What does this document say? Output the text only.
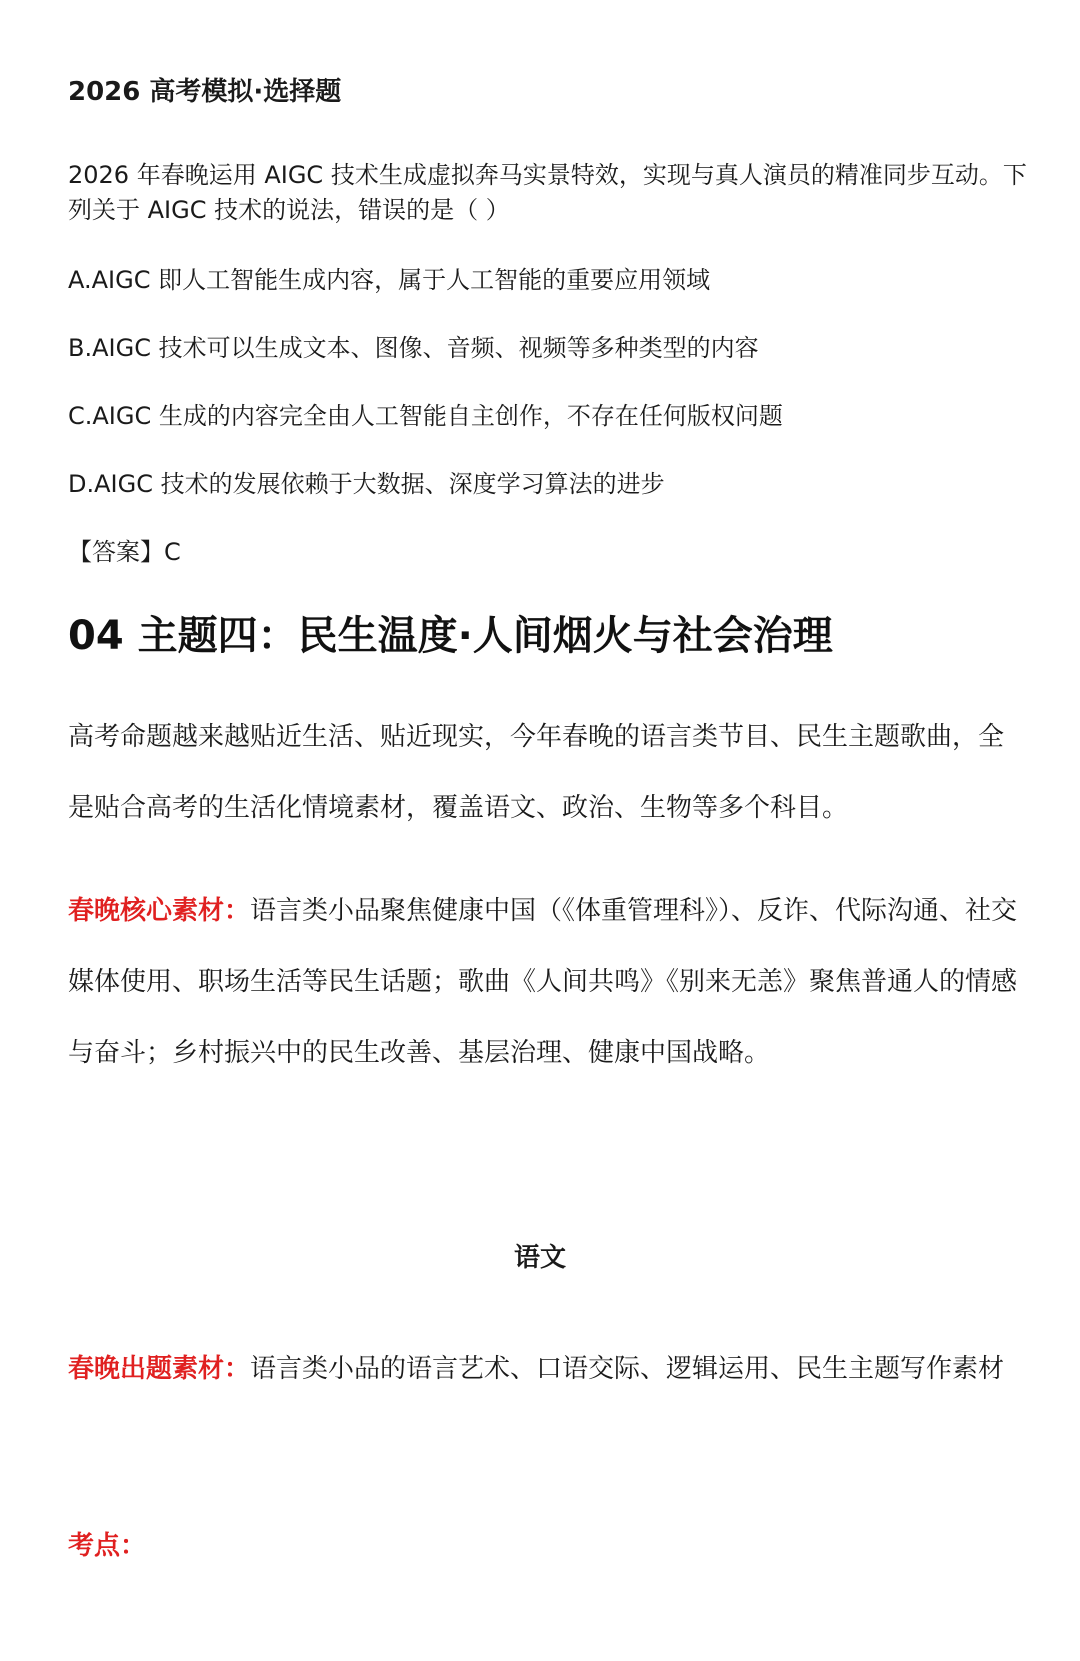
2026 高考模拟·选择题

2026 年春晚运用 AIGC 技术生成虚拟奔马实景特效，实现与真人演员的精准同步互动。下列关于 AIGC 技术的说法，错误的是（ ）

A.AIGC 即人工智能生成内容，属于人工智能的重要应用领域

B.AIGC 技术可以生成文本、图像、音频、视频等多种类型的内容

C.AIGC 生成的内容完全由人工智能自主创作，不存在任何版权问题

D.AIGC 技术的发展依赖于大数据、深度学习算法的进步

【答案】C

04 主题四：民生温度·人间烟火与社会治理

高考命题越来越贴近生活、贴近现实，今年春晚的语言类节目、民生主题歌曲，全是贴合高考的生活化情境素材，覆盖语文、政治、生物等多个科目。

春晚核心素材：语言类小品聚焦健康中国（《体重管理科》）、反诈、代际沟通、社交媒体使用、职场生活等民生话题；歌曲《人间共鸣》《别来无恙》聚焦普通人的情感与奋斗；乡村振兴中的民生改善、基层治理、健康中国战略。

语文

春晚出题素材：语言类小品的语言艺术、口语交际、逻辑运用、民生主题写作素材

考点：
